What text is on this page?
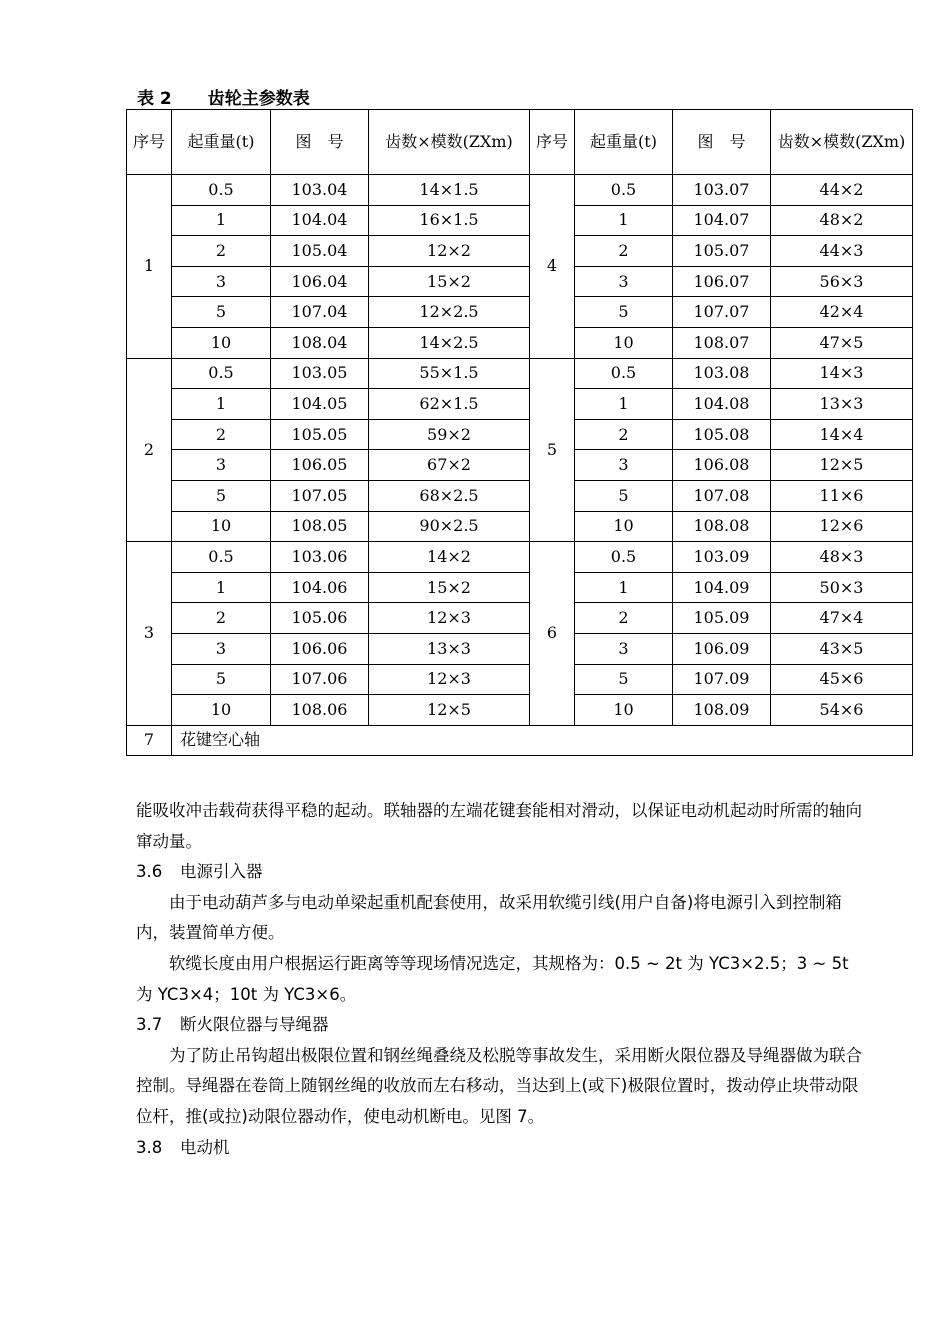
表 2 齿轮主参数表
序号	起重量(t)	图　号	齿数×模数(ZXm)	序号	起重量(t)	图　号	齿数×模数(ZXm)
1	0.5	103.04	14×1.5	4	0.5	103.07	44×2
	1	104.04	16×1.5		1	104.07	48×2
	2	105.04	12×2		2	105.07	44×3
	3	106.04	15×2		3	106.07	56×3
	5	107.04	12×2.5		5	107.07	42×4
	10	108.04	14×2.5		10	108.07	47×5
2	0.5	103.05	55×1.5	5	0.5	103.08	14×3
	1	104.05	62×1.5		1	104.08	13×3
	2	105.05	59×2		2	105.08	14×4
	3	106.05	67×2		3	106.08	12×5
	5	107.05	68×2.5		5	107.08	11×6
	10	108.05	90×2.5		10	108.08	12×6
3	0.5	103.06	14×2	6	0.5	103.09	48×3
	1	104.06	15×2		1	104.09	50×3
	2	105.06	12×3		2	105.09	47×4
	3	106.06	13×3		3	106.09	43×5
	5	107.06	12×3		5	107.09	45×6
	10	108.06	12×5		10	108.09	54×6
7	花键空心轴						

能吸收冲击载荷获得平稳的起动。联轴器的左端花键套能相对滑动，以保证电动机起动时所需的轴向窜动量。

3.6 电源引入器

由于电动葫芦多与电动单梁起重机配套使用，故采用软缆引线(用户自备)将电源引入到控制箱内，装置简单方便。

软缆长度由用户根据运行距离等等现场情况选定，其规格为：0.5 ~ 2t 为 YC3×2.5；3 ~ 5t 为 YC3×4；10t 为 YC3×6。

3.7 断火限位器与导绳器

为了防止吊钩超出极限位置和钢丝绳叠绕及松脱等事故发生，采用断火限位器及导绳器做为联合控制。导绳器在卷筒上随钢丝绳的收放而左右移动，当达到上(或下)极限位置时，拨动停止块带动限位杆，推(或拉)动限位器动作，使电动机断电。见图 7。

3.8 电动机
